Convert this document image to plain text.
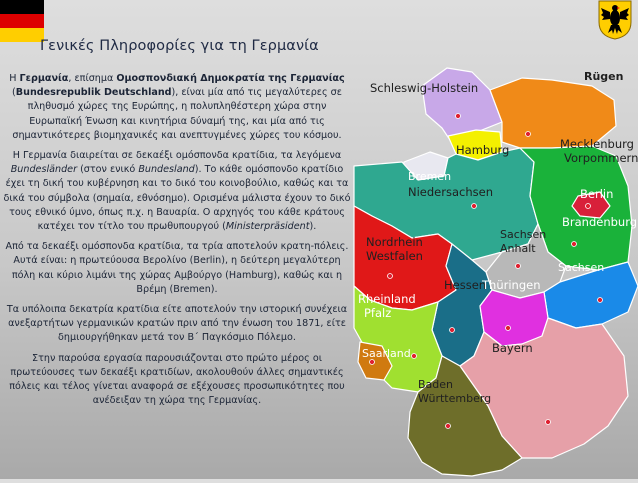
Γενικές Πληροφορίες για τη Γερμανία

Η Γερμανία, επίσημα Ομοσπονδιακή Δημοκρατία της Γερμανίας (Bundesrepublik Deutschland), είναι μία από τις μεγαλύτερες σε πληθυσμό χώρες της Ευρώπης, η πολυπληθέστερη χώρα στην Ευρωπαϊκή Ένωση και κινητήρια δύναμή της, και μία από τις σημαντικότερες βιομηχανικές και ανεπτυγμένες χώρες του κόσμου.

Η Γερμανία διαιρείται σε δεκαέξι ομόσπονδα κρατίδια, τα λεγόμενα Bundesländer (στον ενικό Bundesland). Το κάθε ομόσπονδο κρατίδιο έχει τη δική του κυβέρνηση και το δικό του κοινοβούλιο, καθώς και τα δικά του σύμβολα (σημαία, εθνόσημο). Ορισμένα μάλιστα έχουν το δικό τους εθνικό ύμνο, όπως π.χ. η Βαυαρία. Ο αρχηγός του κάθε κράτους κατέχει τον τίτλο του πρωθυπουργού (Ministerpräsident).

Από τα δεκαέξι ομόσπονδα κρατίδια, τα τρία αποτελούν κρατη-πόλεις. Αυτά είναι: η πρωτεύουσα Βερολίνο (Berlin), η δεύτερη μεγαλύτερη πόλη και κύριο λιμάνι της χώρας Αμβούργο (Hamburg), καθώς και η Βρέμη (Bremen).

Τα υπόλοιπα δεκατρία κρατίδια είτε αποτελούν την ιστορική συνέχεια ανεξαρτήτων γερμανικών κρατών πριν από την ένωση του 1871, είτε δημιουργήθηκαν μετά τον Β΄ Παγκόσμιο Πόλεμο.

Στην παρούσα εργασία παρουσιάζονται στο πρώτο μέρος οι πρωτεύουσες των δεκαέξι κρατιδίων, ακολουθούν άλλες σημαντικές πόλεις και τέλος γίνεται αναφορά σε εξέχουσες προσωπικότητες που ανέδειξαν τη χώρα της Γερμανίας.

Rügen
Schleswig-Holstein
Hamburg	Mecklenburg
Vorpommern
Bremen
Niedersachsen	Berlin
Brandenburg
Sachsen
Anhalt
Nordrhein
Westfalen
Sachsen
Hessen
Thüringen
Rheinland
Pfalz
Saarland	Bayern
Baden
Württemberg
